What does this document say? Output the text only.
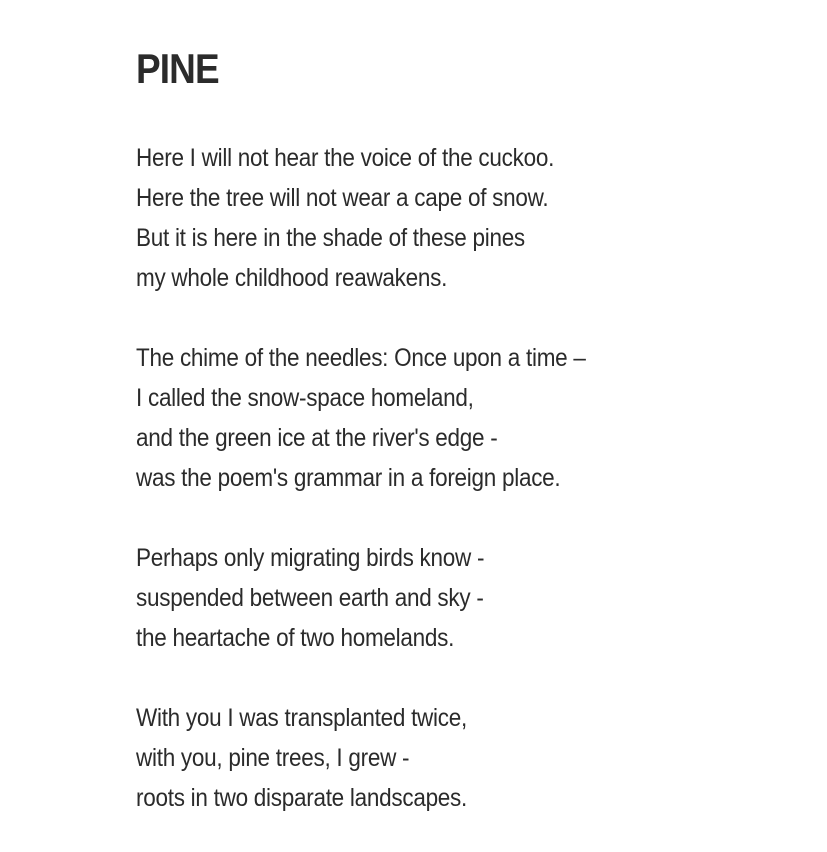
PINE

Here I will not hear the voice of the cuckoo.
Here the tree will not wear a cape of snow.
But it is here in the shade of these pines
my whole childhood reawakens.

The chime of the needles: Once upon a time –
I called the snow-space homeland,
and the green ice at the river's edge -
was the poem's grammar in a foreign place.

Perhaps only migrating birds know -
suspended between earth and sky -
the heartache of two homelands.

With you I was transplanted twice,
with you, pine trees, I grew -
roots in two disparate landscapes.
